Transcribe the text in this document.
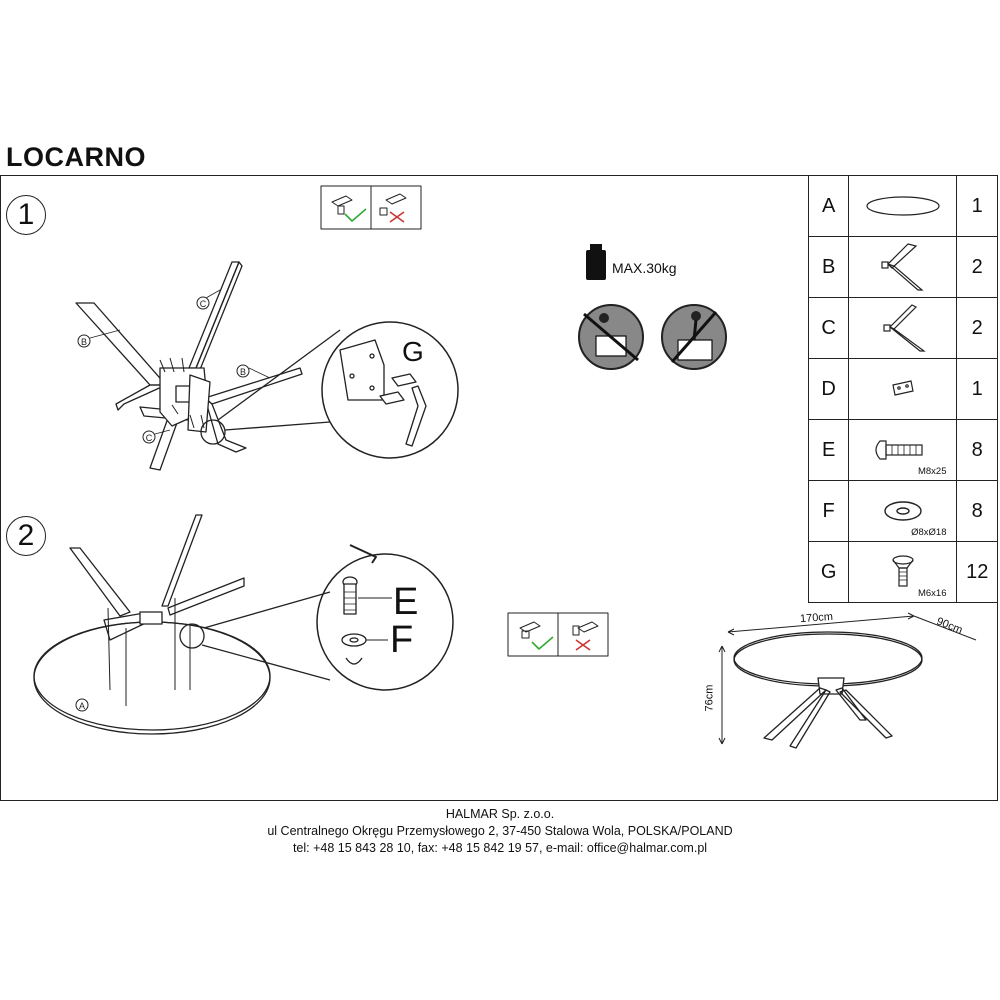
LOCARNO
B
C
B
C
A
1
2
G
E
F
MAX.30kg
170cm	90cm
76cm
A		1
B		2
C		2
D		1
E	M8x25	8
F	Ø8xØ18	8
G	M6x16	12
HALMAR Sp. z.o.o.
ul Centralnego Okręgu Przemysłowego 2, 37-450 Stalowa Wola, POLSKA/POLAND
tel: +48 15 843 28 10, fax: +48 15 842 19 57, e-mail: office@halmar.com.pl
